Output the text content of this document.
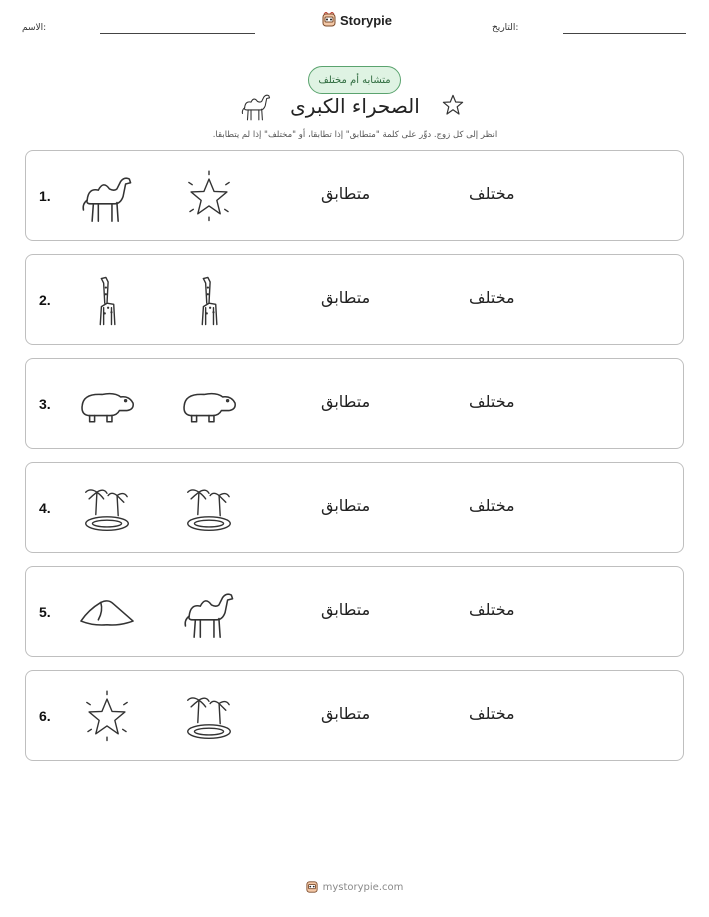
الاسم:
Storypie
التاريخ:
متشابه أم مختلف
الصحراء الكبرى
انظر إلى كل زوج. دوِّر على كلمة "متطابق" إذا تطابقا، أو "مختلف" إذا لم يتطابقا.
1.	متطابق	مختلف
2.	متطابق	مختلف
3.	متطابق	مختلف
4.	متطابق	مختلف
5.	متطابق	مختلف
6.	متطابق	مختلف
mystorypie.com
